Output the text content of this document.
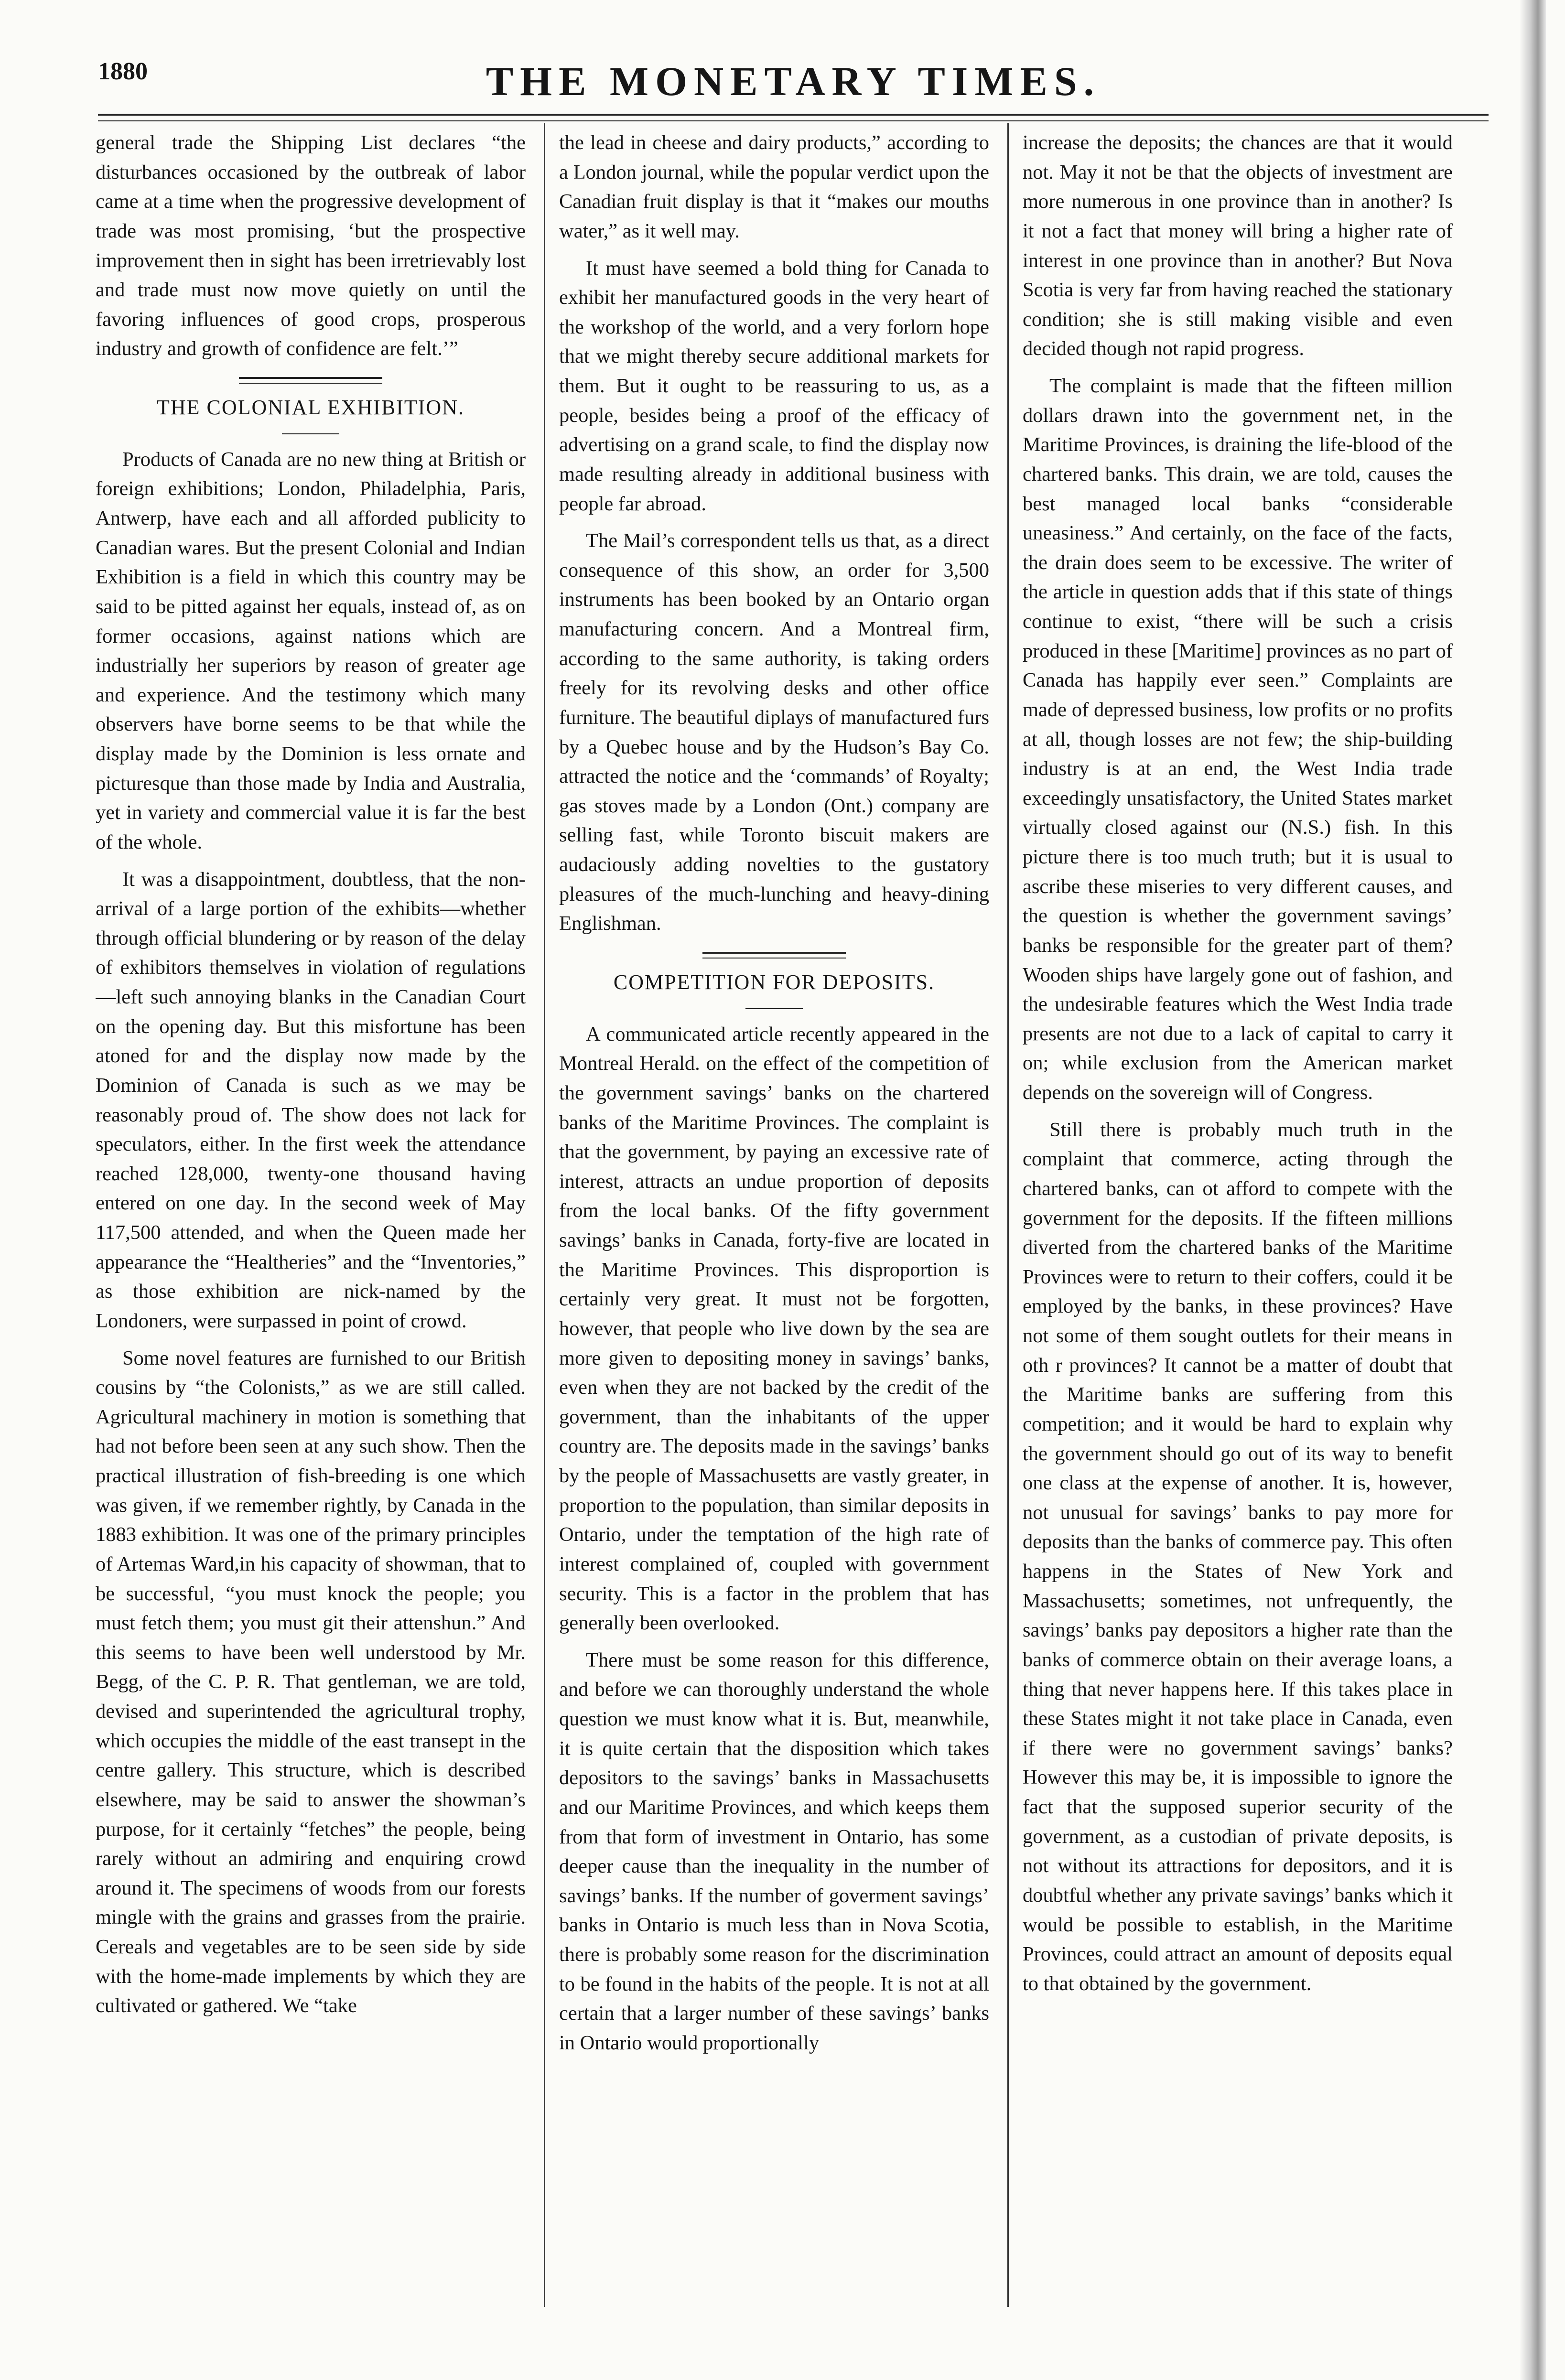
1880	THE MONETARY TIMES.

general trade the Shipping List declares “the disturbances occasioned by the outbreak of labor came at a time when the progressive development of trade was most promising, ‘but the prospective improvement then in sight has been irretrievably lost and trade must now move quietly on until the favoring influences of good crops, prosperous industry and growth of confidence are felt.’”

THE COLONIAL EXHIBITION.

Products of Canada are no new thing at British or foreign exhibitions; London, Philadelphia, Paris, Antwerp, have each and all afforded publicity to Canadian wares. But the present Colonial and Indian Exhibition is a field in which this country may be said to be pitted against her equals, instead of, as on former occasions, against nations which are industrially her superiors by reason of greater age and experience. And the testimony which many observers have borne seems to be that while the display made by the Dominion is less ornate and picturesque than those made by India and Australia, yet in variety and commercial value it is far the best of the whole.

It was a disappointment, doubtless, that the non-arrival of a large portion of the exhibits—whether through official blundering or by reason of the delay of exhibitors themselves in violation of regulations—left such annoying blanks in the Canadian Court on the opening day. But this misfortune has been atoned for and the display now made by the Dominion of Canada is such as we may be reasonably proud of. The show does not lack for speculators, either. In the first week the attendance reached 128,000, twenty-one thousand having entered on one day. In the second week of May 117,500 attended, and when the Queen made her appearance the “Healtheries” and the “Inventories,” as those exhibition are nick-named by the Londoners, were surpassed in point of crowd.

Some novel features are furnished to our British cousins by “the Colonists,” as we are still called. Agricultural machinery in motion is something that had not before been seen at any such show. Then the practical illustration of fish-breeding is one which was given, if we remember rightly, by Canada in the 1883 exhibition. It was one of the primary principles of Artemas Ward,in his capacity of showman, that to be successful, “you must knock the people; you must fetch them; you must git their attenshun.” And this seems to have been well understood by Mr. Begg, of the C. P. R. That gentleman, we are told, devised and superintended the agricultural trophy, which occupies the middle of the east transept in the centre gallery. This structure, which is described elsewhere, may be said to answer the showman’s purpose, for it certainly “fetches” the people, being rarely without an admiring and enquiring crowd around it. The specimens of woods from our forests mingle with the grains and grasses from the prairie. Cereals and vegetables are to be seen side by side with the home-made implements by which they are cultivated or gathered. We “take

the lead in cheese and dairy products,” according to a London journal, while the popular verdict upon the Canadian fruit display is that it “makes our mouths water,” as it well may.

It must have seemed a bold thing for Canada to exhibit her manufactured goods in the very heart of the workshop of the world, and a very forlorn hope that we might thereby secure additional markets for them. But it ought to be reassuring to us, as a people, besides being a proof of the efficacy of advertising on a grand scale, to find the display now made resulting already in additional business with people far abroad.

The Mail’s correspondent tells us that, as a direct consequence of this show, an order for 3,500 instruments has been booked by an Ontario organ manufacturing concern. And a Montreal firm, according to the same authority, is taking orders freely for its revolving desks and other office furniture. The beautiful diplays of manufactured furs by a Quebec house and by the Hudson’s Bay Co. attracted the notice and the ‘commands’ of Royalty; gas stoves made by a London (Ont.) company are selling fast, while Toronto biscuit makers are audaciously adding novelties to the gustatory pleasures of the much-lunching and heavy-dining Englishman.

COMPETITION FOR DEPOSITS.

A communicated article recently appeared in the Montreal Herald. on the effect of the competition of the government savings’ banks on the chartered banks of the Maritime Provinces. The complaint is that the government, by paying an excessive rate of interest, attracts an undue proportion of deposits from the local banks. Of the fifty government savings’ banks in Canada, forty-five are located in the Maritime Provinces. This disproportion is certainly very great. It must not be forgotten, however, that people who live down by the sea are more given to depositing money in savings’ banks, even when they are not backed by the credit of the government, than the inhabitants of the upper country are. The deposits made in the savings’ banks by the people of Massachusetts are vastly greater, in proportion to the population, than similar deposits in Ontario, under the temptation of the high rate of interest complained of, coupled with government security. This is a factor in the problem that has generally been overlooked.

There must be some reason for this difference, and before we can thoroughly understand the whole question we must know what it is. But, meanwhile, it is quite certain that the disposition which takes depositors to the savings’ banks in Massachusetts and our Maritime Provinces, and which keeps them from that form of investment in Ontario, has some deeper cause than the inequality in the number of savings’ banks. If the number of goverment savings’ banks in Ontario is much less than in Nova Scotia, there is probably some reason for the discrimination to be found in the habits of the people. It is not at all certain that a larger number of these savings’ banks in Ontario would proportionally

increase the deposits; the chances are that it would not. May it not be that the objects of investment are more numerous in one province than in another? Is it not a fact that money will bring a higher rate of interest in one province than in another? But Nova Scotia is very far from having reached the stationary condition; she is still making visible and even decided though not rapid progress.

The complaint is made that the fifteen million dollars drawn into the government net, in the Maritime Provinces, is draining the life-blood of the chartered banks. This drain, we are told, causes the best managed local banks “considerable uneasiness.” And certainly, on the face of the facts, the drain does seem to be excessive. The writer of the article in question adds that if this state of things continue to exist, “there will be such a crisis produced in these [Maritime] provinces as no part of Canada has happily ever seen.” Complaints are made of depressed business, low profits or no profits at all, though losses are not few; the ship-building industry is at an end, the West India trade exceedingly unsatisfactory, the United States market virtually closed against our (N.S.) fish. In this picture there is too much truth; but it is usual to ascribe these miseries to very different causes, and the question is whether the government savings’ banks be responsible for the greater part of them? Wooden ships have largely gone out of fashion, and the undesirable features which the West India trade presents are not due to a lack of capital to carry it on; while exclusion from the American market depends on the sovereign will of Congress.

Still there is probably much truth in the complaint that commerce, acting through the chartered banks, can ot afford to compete with the government for the deposits. If the fifteen millions diverted from the chartered banks of the Maritime Provinces were to return to their coffers, could it be employed by the banks, in these provinces? Have not some of them sought outlets for their means in oth r provinces? It cannot be a matter of doubt that the Maritime banks are suffering from this competition; and it would be hard to explain why the government should go out of its way to benefit one class at the expense of another. It is, however, not unusual for savings’ banks to pay more for deposits than the banks of commerce pay. This often happens in the States of New York and Massachusetts; sometimes, not unfrequently, the savings’ banks pay depositors a higher rate than the banks of commerce obtain on their average loans, a thing that never happens here. If this takes place in these States might it not take place in Canada, even if there were no government savings’ banks? However this may be, it is impossible to ignore the fact that the supposed superior security of the government, as a custodian of private deposits, is not without its attractions for depositors, and it is doubtful whether any private savings’ banks which it would be possible to establish, in the Maritime Provinces, could attract an amount of deposits equal to that obtained by the government.
